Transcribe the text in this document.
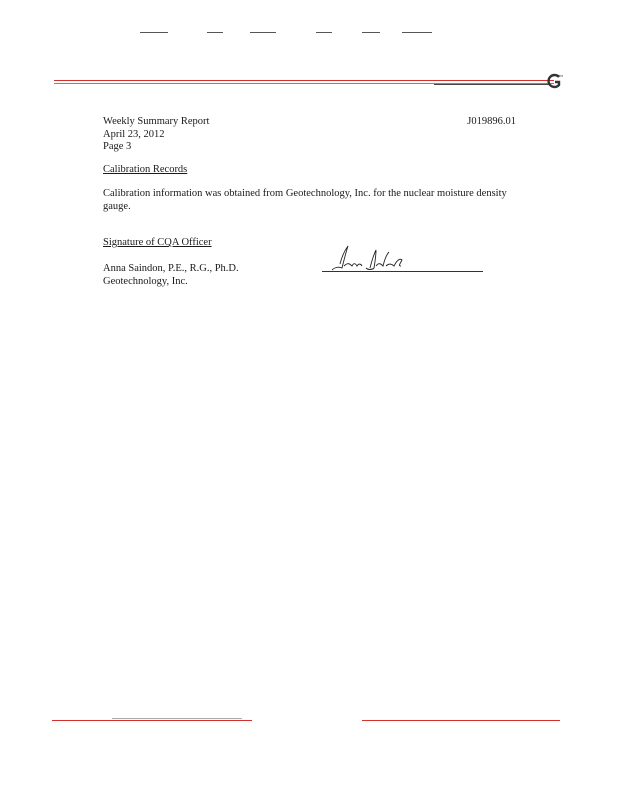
TM
Weekly Summary Report
April 23, 2012
Page 3
J019896.01
Calibration Records
Calibration information was obtained from Geotechnology, Inc. for the nuclear moisture density gauge.
Signature of CQA Officer
Anna Saindon, P.E., R.G., Ph.D.
Geotechnology, Inc.
